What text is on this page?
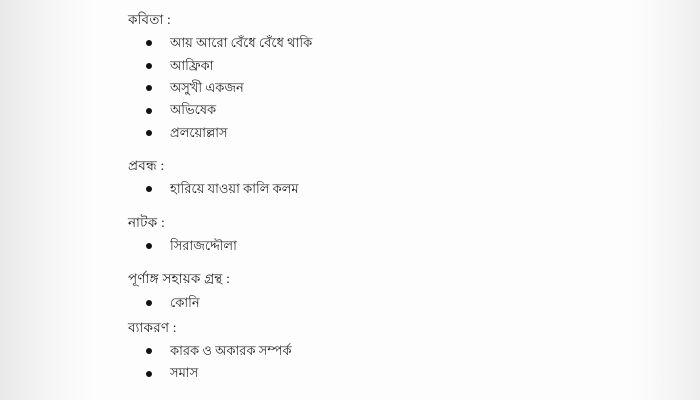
কবিতা :

আয় আরো বেঁধে বেঁধে থাকি
আফ্রিকা
অসুখী একজন
অভিষেক
প্রলয়োল্লাস

প্রবন্ধ :

হারিয়ে যাওয়া কালি কলম

নাটক :

সিরাজদ্দৌলা

পূর্ণাঙ্গ সহায়ক গ্রন্থ :

কোনি

ব্যাকরণ :

কারক ও অকারক সম্পর্ক
সমাস
